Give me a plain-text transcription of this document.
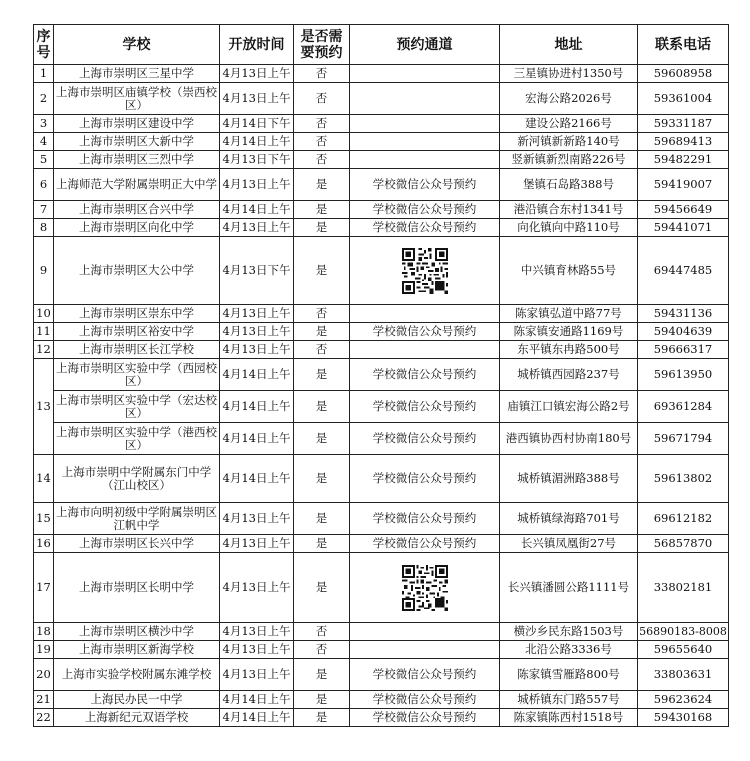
序号	学校	开放时间	是否需要预约	预约通道	地址	联系电话
1	上海市崇明区三星中学	4月13日上午	否		三星镇协进村1350号	59608958
2	上海市崇明区庙镇学校（崇西校区）	4月13日上午	否		宏海公路2026号	59361004
3	上海市崇明区建设中学	4月14日下午	否		建设公路2166号	59331187
4	上海市崇明区大新中学	4月14日上午	否		新河镇新新路140号	59689413
5	上海市崇明区三烈中学	4月13日下午	否		竖新镇新烈南路226号	59482291
6	上海师范大学附属崇明正大中学	4月13日上午	是	学校微信公众号预约	堡镇石岛路388号	59419007
7	上海市崇明区合兴中学	4月14日上午	是	学校微信公众号预约	港沿镇合东村1341号	59456649
8	上海市崇明区向化中学	4月13日上午	是	学校微信公众号预约	向化镇向中路110号	59441071
9	上海市崇明区大公中学	4月13日下午	是		中兴镇育林路55号	69447485
10	上海市崇明区崇东中学	4月13日上午	否		陈家镇弘道中路77号	59431136
11	上海市崇明区裕安中学	4月13日上午	是	学校微信公众号预约	陈家镇安通路1169号	59404639
12	上海市崇明区长江学校	4月13日上午	否		东平镇东冉路500号	59666317
13	上海市崇明区实验中学（西园校区）	4月14日上午	是	学校微信公众号预约	城桥镇西园路237号	59613950
	上海市崇明区实验中学（宏达校区）	4月14日上午	是	学校微信公众号预约	庙镇江口镇宏海公路2号	69361284
	上海市崇明区实验中学（港西校区）	4月14日上午	是	学校微信公众号预约	港西镇协西村协南180号	59671794
14	上海市崇明中学附属东门中学（江山校区）	4月14日上午	是	学校微信公众号预约	城桥镇湄洲路388号	59613802
15	上海市向明初级中学附属崇明区江帆中学	4月13日上午	是	学校微信公众号预约	城桥镇绿海路701号	69612182
16	上海市崇明区长兴中学	4月13日上午	是	学校微信公众号预约	长兴镇凤凰街27号	56857870
17	上海市崇明区长明中学	4月13日上午	是		长兴镇潘圆公路1111号	33802181
18	上海市崇明区横沙中学	4月13日上午	否		横沙乡民东路1503号	56890183-8008
19	上海市崇明区新海学校	4月13日上午	否		北沿公路3336号	59655640
20	上海市实验学校附属东滩学校	4月13日上午	是	学校微信公众号预约	陈家镇雪雁路800号	33803631
21	上海民办民一中学	4月14日上午	是	学校微信公众号预约	城桥镇东门路557号	59623624
22	上海新纪元双语学校	4月14日上午	是	学校微信公众号预约	陈家镇陈西村1518号	59430168
